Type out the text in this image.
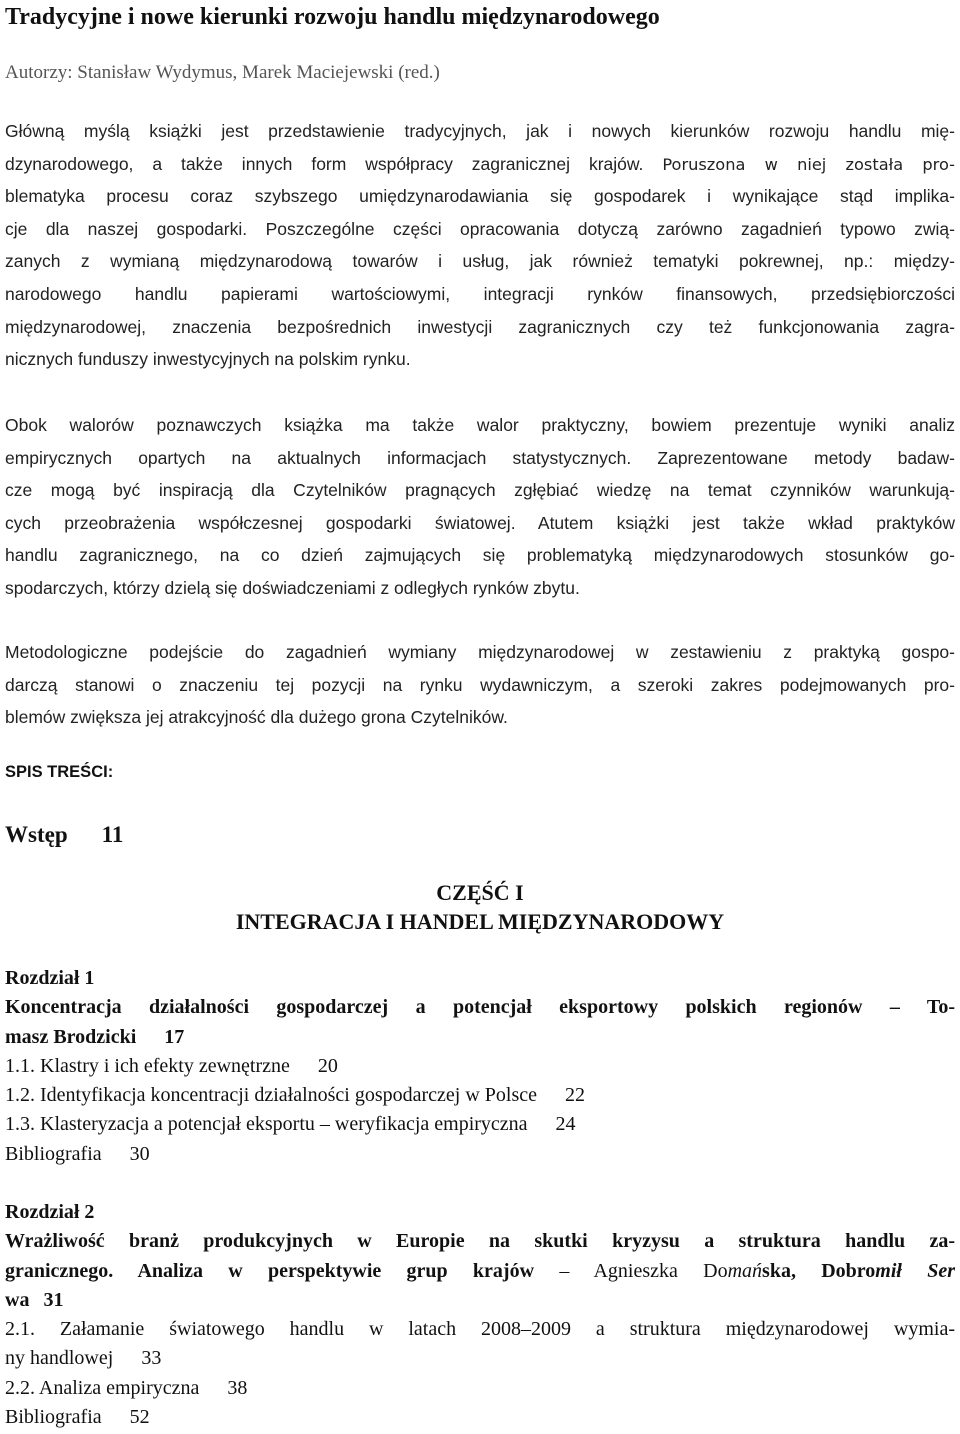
Tradycyjne i nowe kierunki rozwoju handlu międzynarodowego
Autorzy: Stanisław Wydymus, Marek Maciejewski (red.)
Główną myślą książki jest przedstawienie tradycyjnych, jak i nowych kierunków rozwoju handlu mię-
dzynarodowego, a także innych form współpracy zagranicznej krajów. Poruszona w niej została pro-
blematyka procesu coraz szybszego umiędzynarodawiania się gospodarek i wynikające stąd implika-
cje dla naszej gospodarki. Poszczególne części opracowania dotyczą zarówno zagadnień typowo zwią-
zanych z wymianą międzynarodową towarów i usług, jak również tematyki pokrewnej, np.: między-
narodowego handlu papierami wartościowymi, integracji rynków finansowych, przedsiębiorczości
międzynarodowej, znaczenia bezpośrednich inwestycji zagranicznych czy też funkcjonowania zagra-
nicznych funduszy inwestycyjnych na polskim rynku.
Obok walorów poznawczych książka ma także walor praktyczny, bowiem prezentuje wyniki analiz
empirycznych opartych na aktualnych informacjach statystycznych. Zaprezentowane metody badaw-
cze mogą być inspiracją dla Czytelników pragnących zgłębiać wiedzę na temat czynników warunkują-
cych przeobrażenia współczesnej gospodarki światowej. Atutem książki jest także wkład praktyków
handlu zagranicznego, na co dzień zajmujących się problematyką międzynarodowych stosunków go-
spodarczych, którzy dzielą się doświadczeniami z odległych rynków zbytu.
Metodologiczne podejście do zagadnień wymiany międzynarodowej w zestawieniu z praktyką gospo-
darczą stanowi o znaczeniu tej pozycji na rynku wydawniczym, a szeroki zakres podejmowanych pro-
blemów zwiększa jej atrakcyjność dla dużego grona Czytelników.
SPIS TREŚCI:
Wstęp 11
CZĘŚĆ I
INTEGRACJA I HANDEL MIĘDZYNARODOWY
Rozdział 1
Koncentracja działalności gospodarczej a potencjał eksportowy polskich regionów – To-
masz Brodzicki 17
1.1. Klastry i ich efekty zewnętrzne 20
1.2. Identyfikacja koncentracji działalności gospodarczej w Polsce 22
1.3. Klasteryzacja a potencjał eksportu – weryfikacja empiryczna 24
Bibliografia 30
Rozdział 2
Wrażliwość branż produkcyjnych w Europie na skutki kryzysu a struktura handlu za-
granicznego. Analiza w perspektywie grup krajów – Agnieszka Domańska, Dobromił Ser
wa 31
2.1. Załamanie światowego handlu w latach 2008–2009 a struktura międzynarodowej wymia-
ny handlowej 33
2.2. Analiza empiryczna 38
Bibliografia 52
